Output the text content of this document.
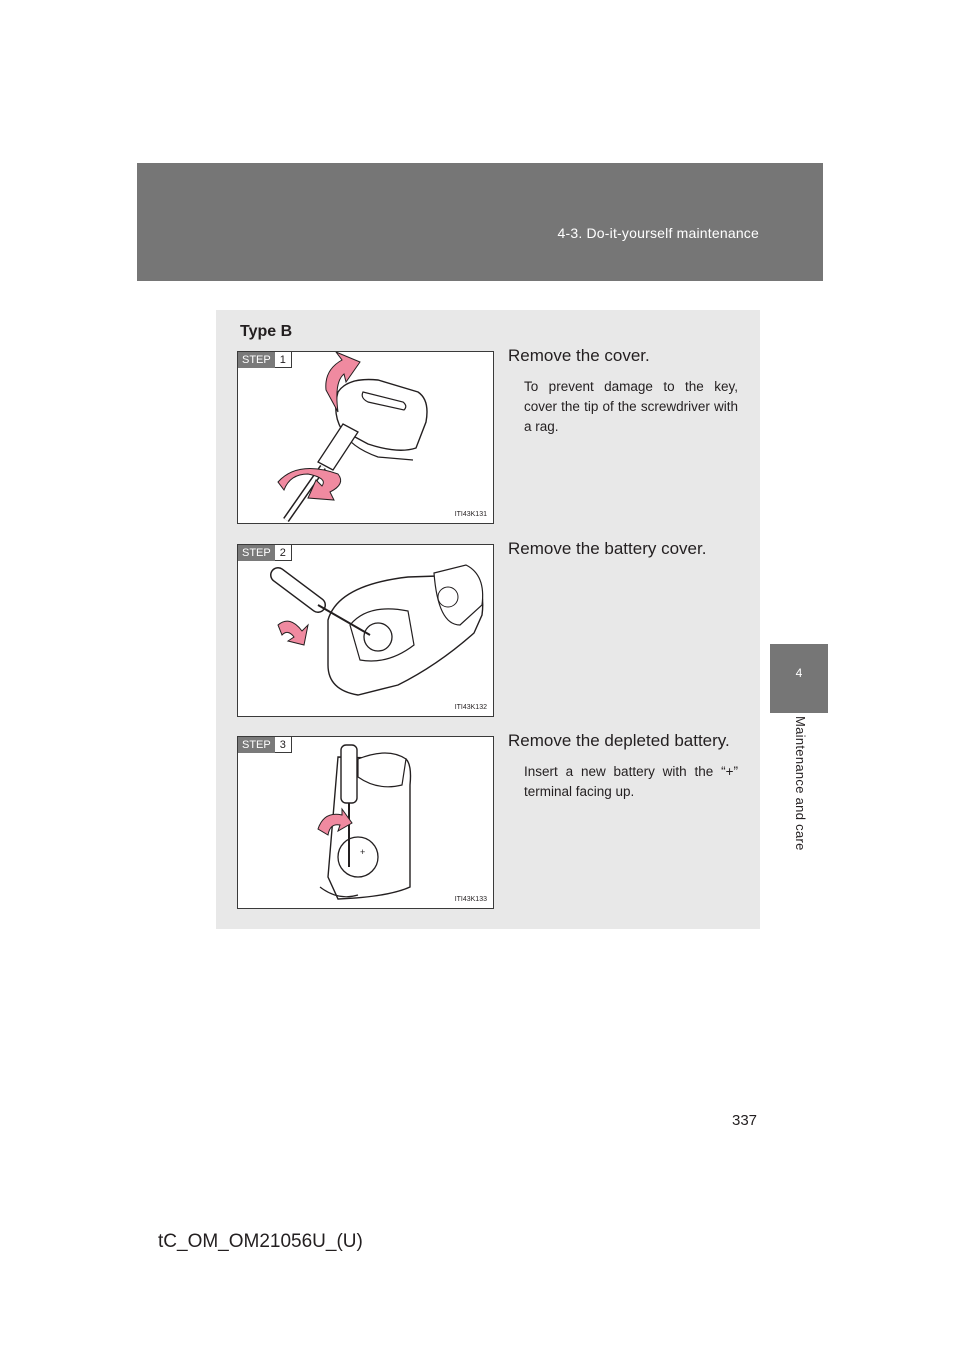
4-3. Do-it-yourself maintenance
4
Maintenance and care
Type B
STEP 1
ITI43K131
Remove the cover.
To prevent damage to the key, cover the tip of the screwdriver with a rag.
STEP 2
ITI43K132
Remove the battery cover.
+
STEP 3
ITI43K133
Remove the depleted battery.
Insert a new battery with the “+” terminal facing up.
337
tC_OM_OM21056U_(U)
